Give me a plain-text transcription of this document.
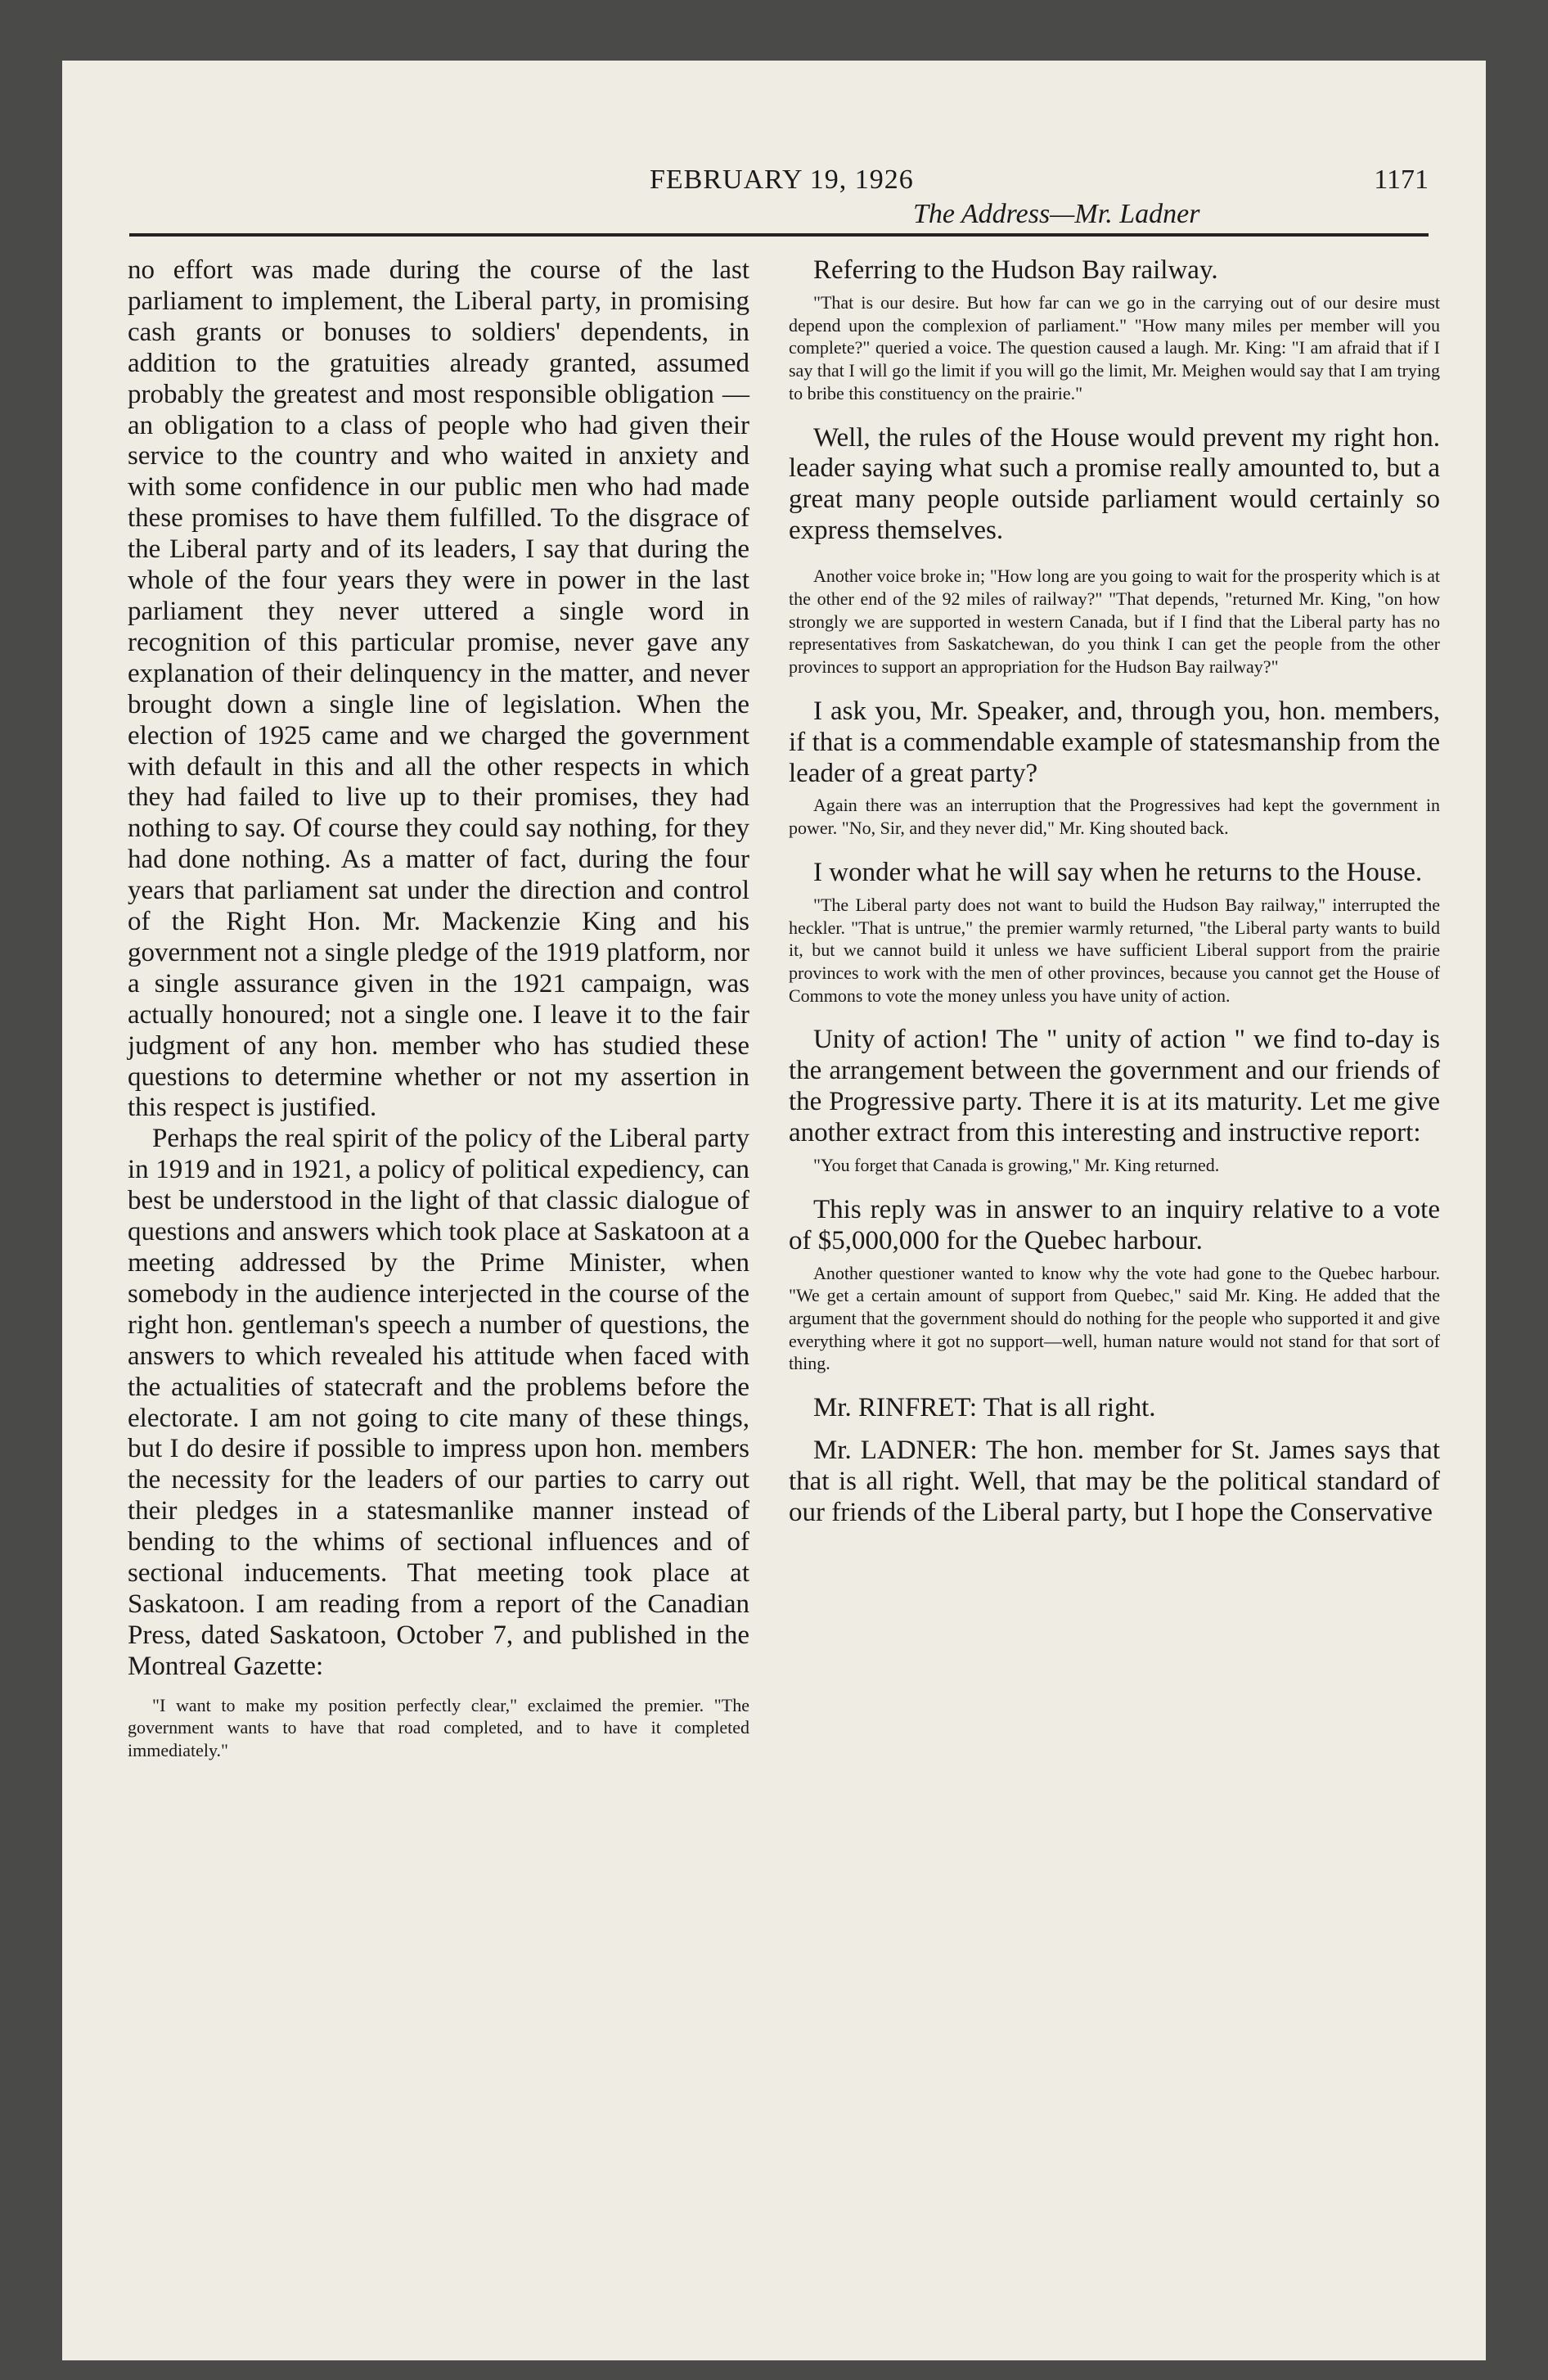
FEBRUARY 19, 1926	1171
The Address—Mr. Ladner

no effort was made during the course of the last parliament to implement, the Liberal party, in promising cash grants or bonuses to soldiers' dependents, in addition to the gratuities already granted, assumed probably the greatest and most responsible obligation —an obligation to a class of people who had given their service to the country and who waited in anxiety and with some confidence in our public men who had made these promises to have them fulfilled. To the disgrace of the Liberal party and of its leaders, I say that during the whole of the four years they were in power in the last parliament they never uttered a single word in recognition of this particular promise, never gave any explanation of their delinquency in the matter, and never brought down a single line of legislation. When the election of 1925 came and we charged the government with default in this and all the other respects in which they had failed to live up to their promises, they had nothing to say. Of course they could say nothing, for they had done nothing. As a matter of fact, during the four years that parliament sat under the direction and control of the Right Hon. Mr. Mackenzie King and his government not a single pledge of the 1919 platform, nor a single assurance given in the 1921 campaign, was actually honoured; not a single one. I leave it to the fair judgment of any hon. member who has studied these questions to determine whether or not my assertion in this respect is justified.

Perhaps the real spirit of the policy of the Liberal party in 1919 and in 1921, a policy of political expediency, can best be understood in the light of that classic dialogue of questions and answers which took place at Saskatoon at a meeting addressed by the Prime Minister, when somebody in the audience interjected in the course of the right hon. gentleman's speech a number of questions, the answers to which revealed his attitude when faced with the actualities of statecraft and the problems before the electorate. I am not going to cite many of these things, but I do desire if possible to impress upon hon. members the necessity for the leaders of our parties to carry out their pledges in a statesmanlike manner instead of bending to the whims of sectional influences and of sectional inducements. That meeting took place at Saskatoon. I am reading from a report of the Canadian Press, dated Saskatoon, October 7, and published in the Montreal Gazette:

"I want to make my position perfectly clear," exclaimed the premier. "The government wants to have that road completed, and to have it completed immediately."

Referring to the Hudson Bay railway.

"That is our desire. But how far can we go in the carrying out of our desire must depend upon the complexion of parliament." "How many miles per member will you complete?" queried a voice. The question caused a laugh. Mr. King: "I am afraid that if I say that I will go the limit if you will go the limit, Mr. Meighen would say that I am trying to bribe this constituency on the prairie."

Well, the rules of the House would prevent my right hon. leader saying what such a promise really amounted to, but a great many people outside parliament would certainly so express themselves.

Another voice broke in; "How long are you going to wait for the prosperity which is at the other end of the 92 miles of railway?" "That depends, "returned Mr. King, "on how strongly we are supported in western Canada, but if I find that the Liberal party has no representatives from Saskatchewan, do you think I can get the people from the other provinces to support an appropriation for the Hudson Bay railway?"

I ask you, Mr. Speaker, and, through you, hon. members, if that is a commendable example of statesmanship from the leader of a great party?

Again there was an interruption that the Progressives had kept the government in power. "No, Sir, and they never did," Mr. King shouted back.

I wonder what he will say when he returns to the House.

"The Liberal party does not want to build the Hudson Bay railway," interrupted the heckler. "That is untrue," the premier warmly returned, "the Liberal party wants to build it, but we cannot build it unless we have sufficient Liberal support from the prairie provinces to work with the men of other provinces, because you cannot get the House of Commons to vote the money unless you have unity of action.

Unity of action! The " unity of action " we find to-day is the arrangement between the government and our friends of the Progressive party. There it is at its maturity. Let me give another extract from this interesting and instructive report:

"You forget that Canada is growing," Mr. King returned.

This reply was in answer to an inquiry relative to a vote of $5,000,000 for the Quebec harbour.

Another questioner wanted to know why the vote had gone to the Quebec harbour. "We get a certain amount of support from Quebec," said Mr. King. He added that the argument that the government should do nothing for the people who supported it and give everything where it got no support—well, human nature would not stand for that sort of thing.

Mr. RINFRET: That is all right.

Mr. LADNER: The hon. member for St. James says that that is all right. Well, that may be the political standard of our friends of the Liberal party, but I hope the Conservative
